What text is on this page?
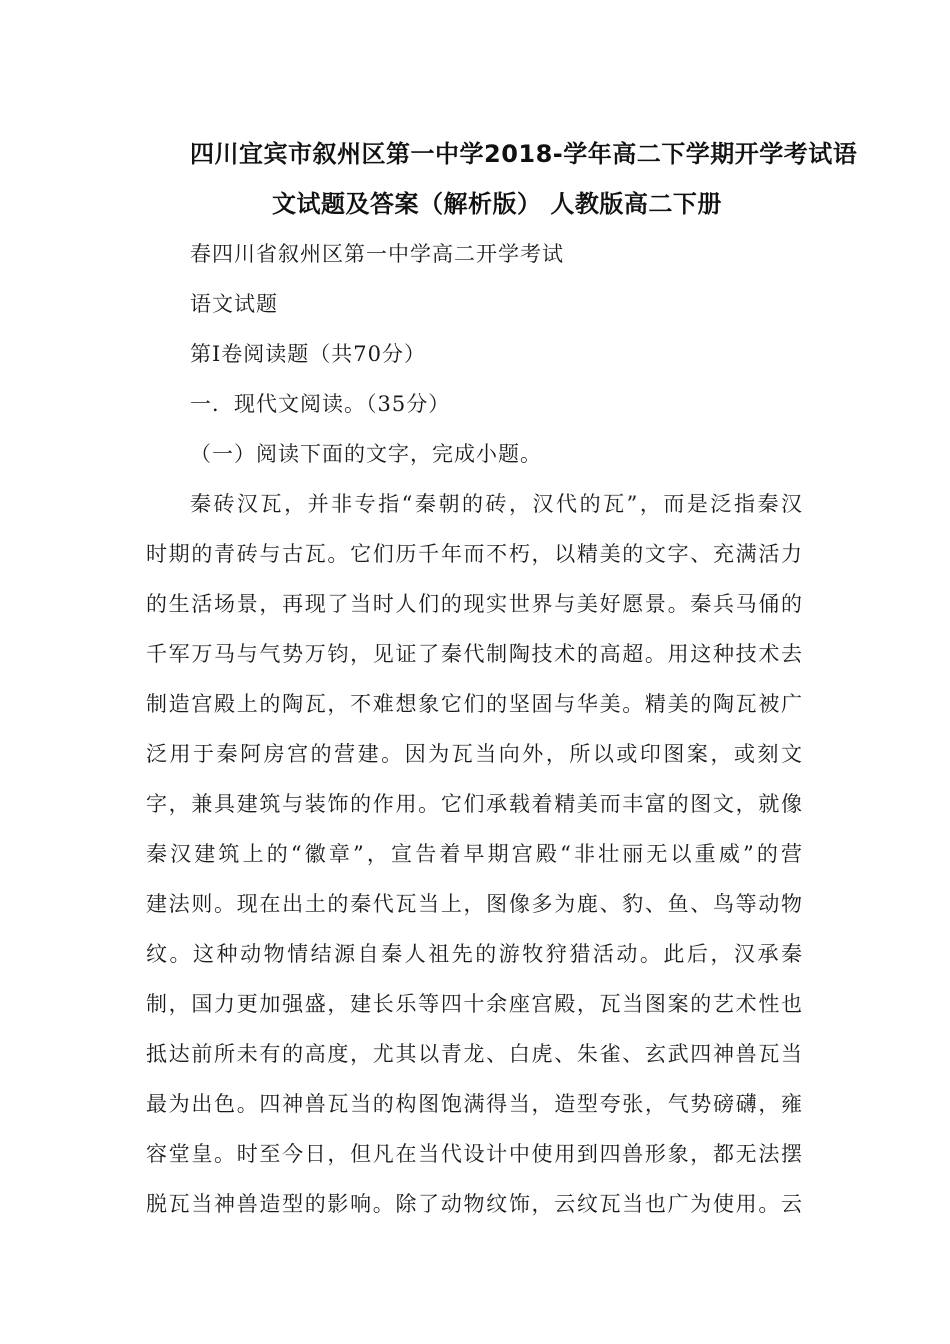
四川宜宾市叙州区第一中学2018-学年高二下学期开学考试语
文试题及答案（解析版） 人教版高二下册
春四川省叙州区第一中学高二开学考试
语文试题
第Ⅰ卷阅读题（共70分）
一．现代文阅读。（35分）
（一）阅读下面的文字，完成小题。
秦砖汉瓦，并非专指“秦朝的砖，汉代的瓦”，而是泛指秦汉
时期的青砖与古瓦。它们历千年而不朽，以精美的文字、充满活力
的生活场景，再现了当时人们的现实世界与美好愿景。秦兵马俑的
千军万马与气势万钧，见证了秦代制陶技术的高超。用这种技术去
制造宫殿上的陶瓦，不难想象它们的坚固与华美。精美的陶瓦被广
泛用于秦阿房宫的营建。因为瓦当向外，所以或印图案，或刻文
字，兼具建筑与装饰的作用。它们承载着精美而丰富的图文，就像
秦汉建筑上的“徽章”，宣告着早期宫殿“非壮丽无以重威”的营
建法则。现在出土的秦代瓦当上，图像多为鹿、豹、鱼、鸟等动物
纹。这种动物情结源自秦人祖先的游牧狩猎活动。此后，汉承秦
制，国力更加强盛，建长乐等四十余座宫殿，瓦当图案的艺术性也
抵达前所未有的高度，尤其以青龙、白虎、朱雀、玄武四神兽瓦当
最为出色。四神兽瓦当的构图饱满得当，造型夸张，气势磅礴，雍
容堂皇。时至今日，但凡在当代设计中使用到四兽形象，都无法摆
脱瓦当神兽造型的影响。除了动物纹饰，云纹瓦当也广为使用。云
